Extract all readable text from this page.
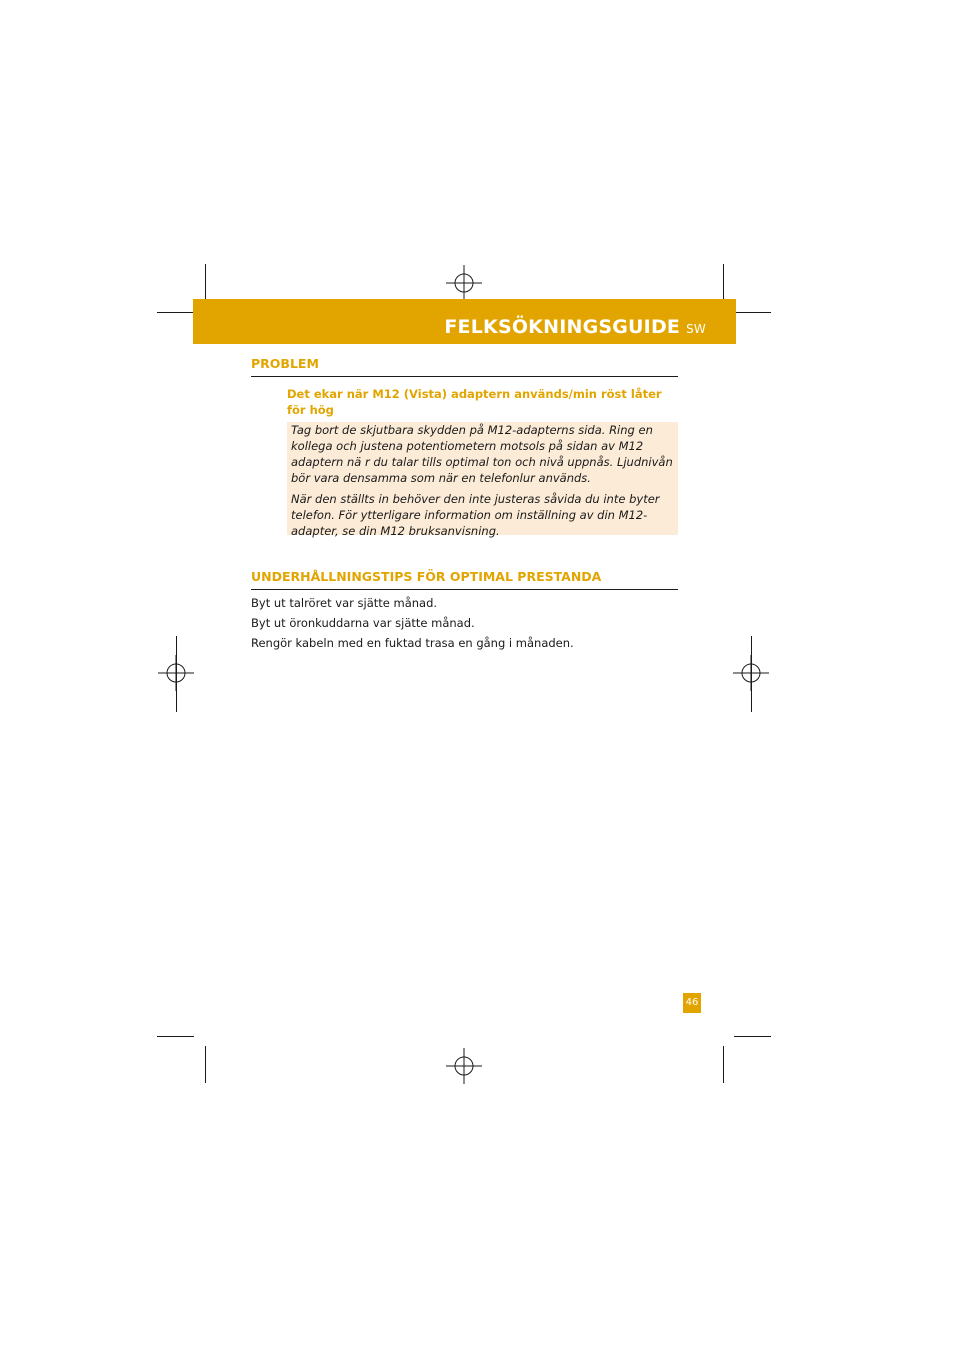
FELKSÖKNINGSGUIDE SW
PROBLEM
Det ekar när M12 (Vista) adaptern används/min röst låter för hög

Tag bort de skjutbara skydden på M12-adapterns sida. Ring en kollega och justena potentiometern motsols på sidan av M12 adaptern nä r du talar tills optimal ton och nivå uppnås. Ljudnivån bör vara densamma som när en telefonlur används.

När den ställts in behöver den inte justeras såvida du inte byter telefon. För ytterligare information om inställning av din M12-adapter, se din M12 bruksanvisning.

UNDERHÅLLNINGSTIPS FÖR OPTIMAL PRESTANDA
Byt ut talröret var sjätte månad.
Byt ut öronkuddarna var sjätte månad.
Rengör kabeln med en fuktad trasa en gång i månaden.
46
